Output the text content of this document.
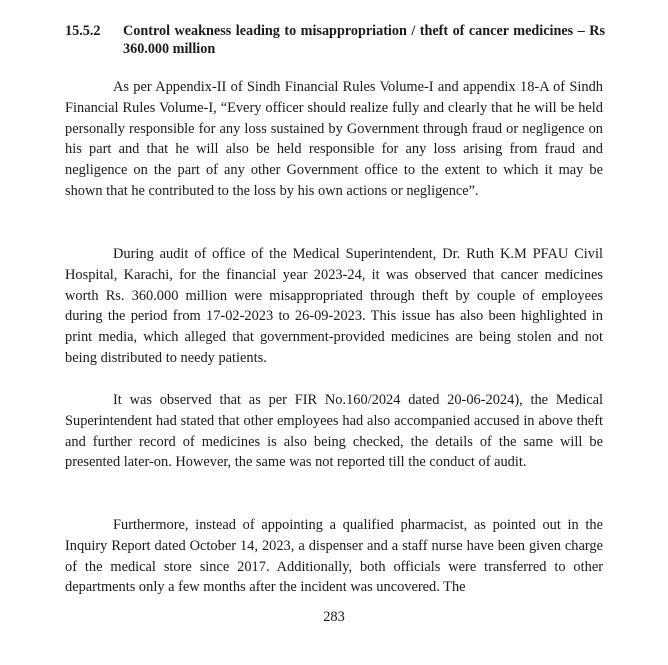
15.5.2	Control weakness leading to misappropriation / theft of cancer medicines – Rs 360.000 million

As per Appendix-II of Sindh Financial Rules Volume-I and appendix 18-A of Sindh Financial Rules Volume-I, “Every officer should realize fully and clearly that he will be held personally responsible for any loss sustained by Government through fraud or negligence on his part and that he will also be held responsible for any loss arising from fraud and negligence on the part of any other Government office to the extent to which it may be shown that he contributed to the loss by his own actions or negligence”.

During audit of office of the Medical Superintendent, Dr. Ruth K.M PFAU Civil Hospital, Karachi, for the financial year 2023-24, it was observed that cancer medicines worth Rs. 360.000 million were misappropriated through theft by couple of employees during the period from 17-02-2023 to 26-09-2023. This issue has also been highlighted in print media, which alleged that government-provided medicines are being stolen and not being distributed to needy patients.

It was observed that as per FIR No.160/2024 dated 20-06-2024), the Medical Superintendent had stated that other employees had also accompanied accused in above theft and further record of medicines is also being checked, the details of the same will be presented later-on. However, the same was not reported till the conduct of audit.

Furthermore, instead of appointing a qualified pharmacist, as pointed out in the Inquiry Report dated October 14, 2023, a dispenser and a staff nurse have been given charge of the medical store since 2017. Additionally, both officials were transferred to other departments only a few months after the incident was uncovered. The

283
